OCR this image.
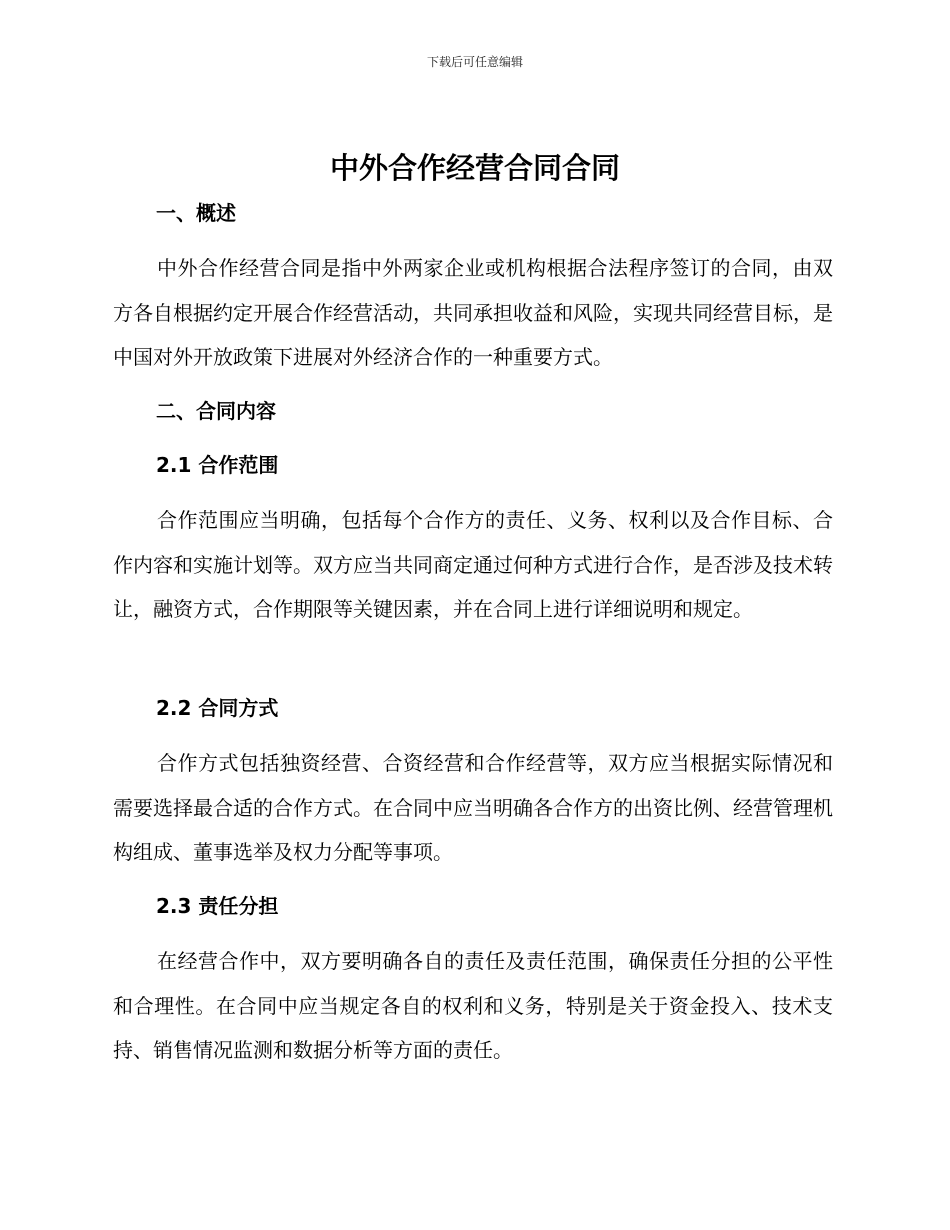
下载后可任意编辑
中外合作经营合同合同
一、概述

中外合作经营合同是指中外两家企业或机构根据合法程序签订的合同，由双方各自根据约定开展合作经营活动，共同承担收益和风险，实现共同经营目标，是中国对外开放政策下进展对外经济合作的一种重要方式。

二、合同内容
2.1 合作范围

合作范围应当明确，包括每个合作方的责任、义务、权利以及合作目标、合作内容和实施计划等。双方应当共同商定通过何种方式进行合作，是否涉及技术转让，融资方式，合作期限等关键因素，并在合同上进行详细说明和规定。

2.2 合同方式

合作方式包括独资经营、合资经营和合作经营等，双方应当根据实际情况和需要选择最合适的合作方式。在合同中应当明确各合作方的出资比例、经营管理机构组成、董事选举及权力分配等事项。

2.3 责任分担

在经营合作中，双方要明确各自的责任及责任范围，确保责任分担的公平性和合理性。在合同中应当规定各自的权利和义务，特别是关于资金投入、技术支持、销售情况监测和数据分析等方面的责任。
